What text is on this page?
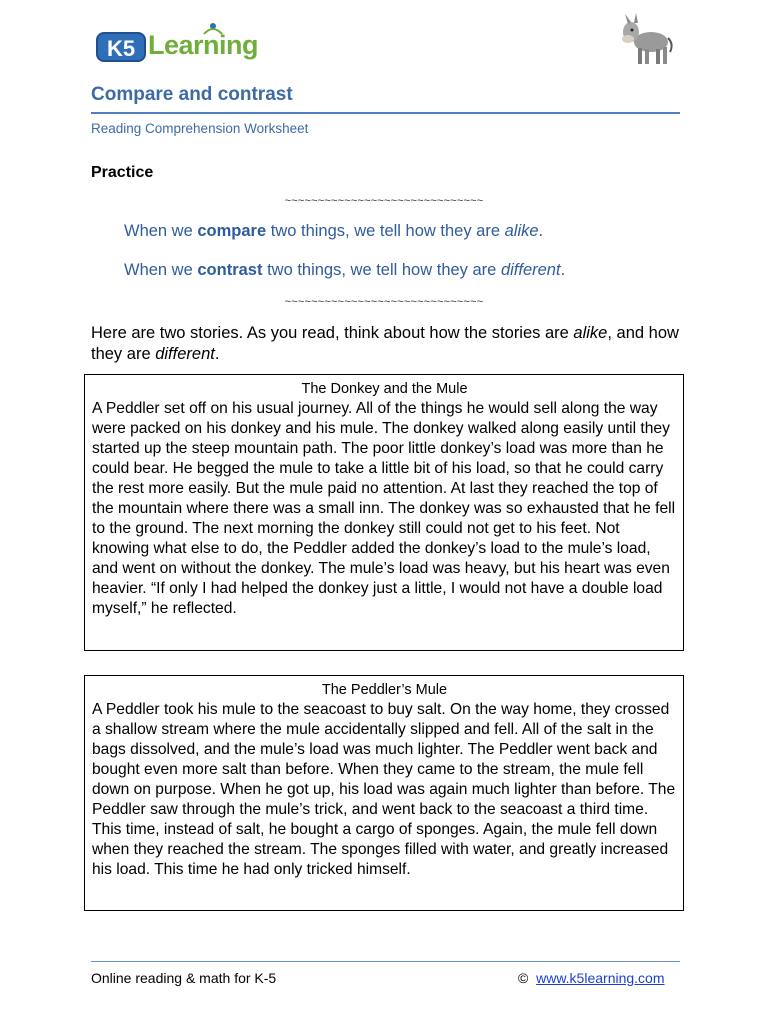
K5 Learning
Compare and contrast
Reading Comprehension Worksheet
Practice
~~~~~~~~~~~~~~~~~~~~~~~~~~~~~~
When we compare two things, we tell how they are alike.
When we contrast two things, we tell how they are different.
~~~~~~~~~~~~~~~~~~~~~~~~~~~~~~
Here are two stories. As you read, think about how the stories are alike, and how they are different.
The Donkey and the Mule

A Peddler set off on his usual journey. All of the things he would sell along the way were packed on his donkey and his mule. The donkey walked along easily until they started up the steep mountain path. The poor little donkey’s load was more than he could bear. He begged the mule to take a little bit of his load, so that he could carry the rest more easily. But the mule paid no attention. At last they reached the top of the mountain where there was a small inn. The donkey was so exhausted that he fell to the ground. The next morning the donkey still could not get to his feet. Not knowing what else to do, the Peddler added the donkey’s load to the mule’s load, and went on without the donkey. The mule’s load was heavy, but his heart was even heavier. “If only I had helped the donkey just a little, I would not have a double load myself,” he reflected.

The Peddler’s Mule

A Peddler took his mule to the seacoast to buy salt. On the way home, they crossed a shallow stream where the mule accidentally slipped and fell. All of the salt in the bags dissolved, and the mule’s load was much lighter. The Peddler went back and bought even more salt than before. When they came to the stream, the mule fell down on purpose. When he got up, his load was again much lighter than before. The Peddler saw through the mule’s trick, and went back to the seacoast a third time. This time, instead of salt, he bought a cargo of sponges. Again, the mule fell down when they reached the stream. The sponges filled with water, and greatly increased his load. This time he had only tricked himself.

Online reading & math for K-5	© www.k5learning.com
